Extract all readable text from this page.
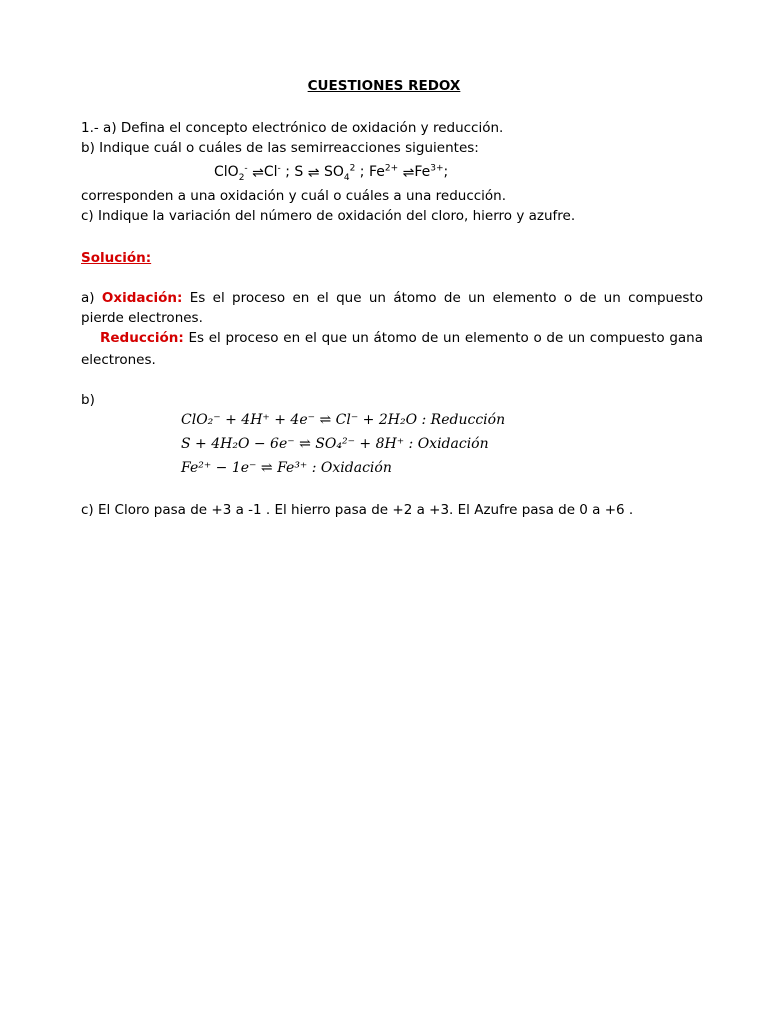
CUESTIONES REDOX
1.- a) Defina el concepto electrónico de oxidación y reducción.
b) Indique cuál o cuáles de las semirreacciones siguientes:
ClO$_2$- ⇌Cl- ; S ⇌ $SO_4^2$ ; $Fe^{2+}$ $\rightleftharpoons Fe^{3+}$;
corresponden a una oxidación y cuál o cuáles a una reducción.
c) Indique la variación del número de oxidación del cloro, hierro y azufre.
Solución:
a) Oxidación: Es el proceso en el que un átomo de un elemento o de un compuesto
pierde electrones.
Reducción: Es el proceso en el que un átomo de un elemento o de un compuesto gana
electrones.
b)
ClO₂⁻ + 4H⁺ + 4e⁻ ⇌ Cl⁻ + 2H₂O : Reducción
S + 4H₂O − 6e⁻ ⇌ SO₄²⁻ + 8H⁺ : Oxidación
Fe²⁺ − 1e⁻ ⇌ Fe³⁺ : Oxidación
c) El Cloro pasa de +3 a -1 . El hierro pasa de +2 a +3. El Azufre pasa de 0 a +6 .
